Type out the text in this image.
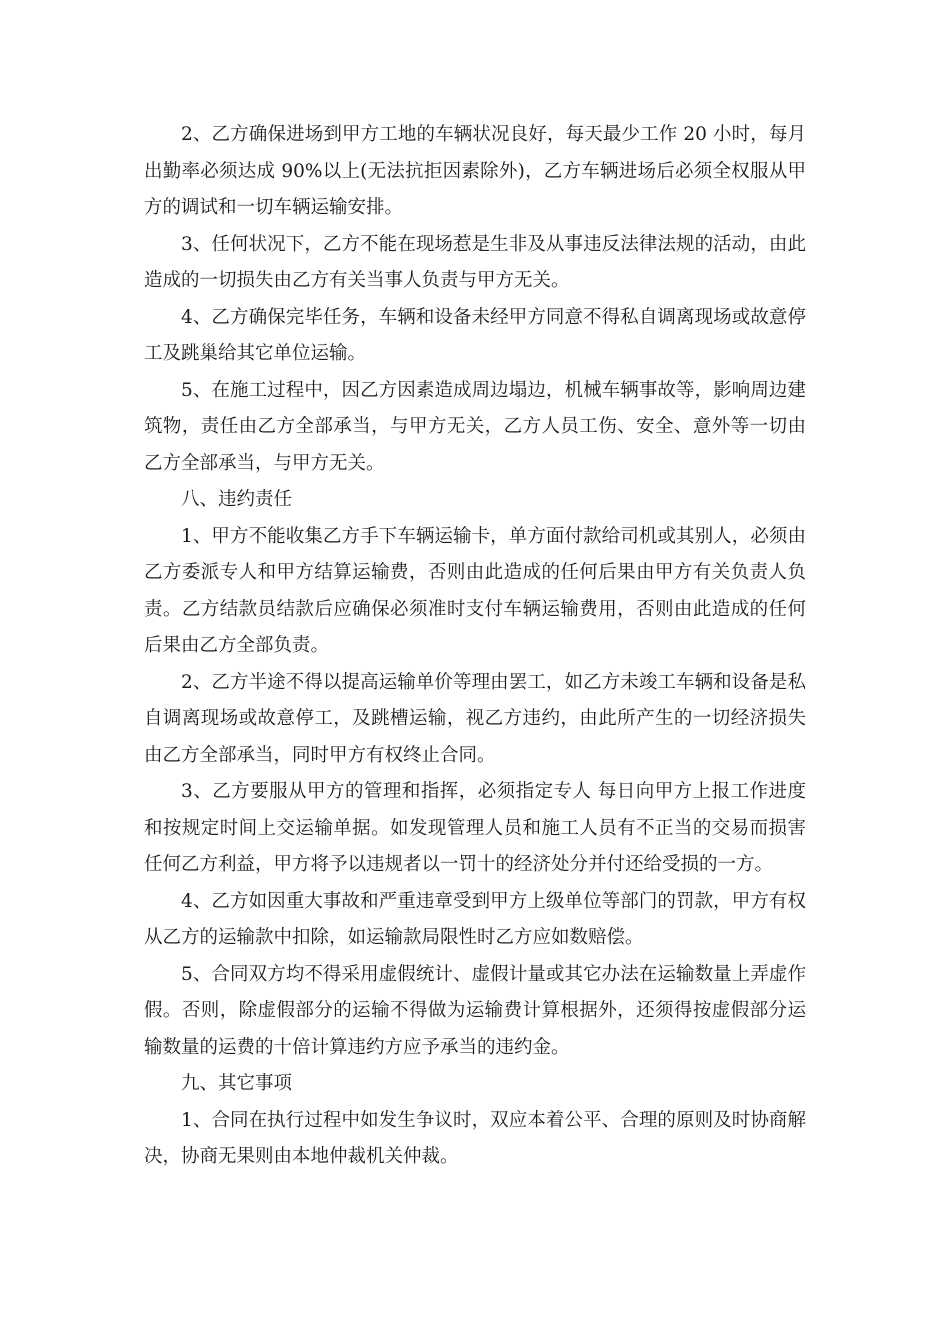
2、乙方确保进场到甲方工地的车辆状况良好，每天最少工作 20 小时，每月出勤率必须达成 90%以上(无法抗拒因素除外)，乙方车辆进场后必须全权服从甲方的调试和一切车辆运输安排。

3、任何状况下，乙方不能在现场惹是生非及从事违反法律法规的活动，由此造成的一切损失由乙方有关当事人负责与甲方无关。

4、乙方确保完毕任务，车辆和设备未经甲方同意不得私自调离现场或故意停工及跳巢给其它单位运输。

5、在施工过程中，因乙方因素造成周边塌边，机械车辆事故等，影响周边建筑物，责任由乙方全部承当，与甲方无关，乙方人员工伤、安全、意外等一切由乙方全部承当，与甲方无关。

八、违约责任

1、甲方不能收集乙方手下车辆运输卡，单方面付款给司机或其别人，必须由乙方委派专人和甲方结算运输费，否则由此造成的任何后果由甲方有关负责人负责。乙方结款员结款后应确保必须准时支付车辆运输费用，否则由此造成的任何后果由乙方全部负责。

2、乙方半途不得以提高运输单价等理由罢工，如乙方未竣工车辆和设备是私自调离现场或故意停工，及跳槽运输，视乙方违约，由此所产生的一切经济损失由乙方全部承当，同时甲方有权终止合同。

3、乙方要服从甲方的管理和指挥，必须指定专人 每日向甲方上报工作进度和按规定时间上交运输单据。如发现管理人员和施工人员有不正当的交易而损害任何乙方利益，甲方将予以违规者以一罚十的经济处分并付还给受损的一方。

4、乙方如因重大事故和严重违章受到甲方上级单位等部门的罚款，甲方有权从乙方的运输款中扣除，如运输款局限性时乙方应如数赔偿。

5、合同双方均不得采用虚假统计、虚假计量或其它办法在运输数量上弄虚作假。否则，除虚假部分的运输不得做为运输费计算根据外，还须得按虚假部分运输数量的运费的十倍计算违约方应予承当的违约金。

九、其它事项

1、合同在执行过程中如发生争议时，双应本着公平、合理的原则及时协商解决，协商无果则由本地仲裁机关仲裁。
